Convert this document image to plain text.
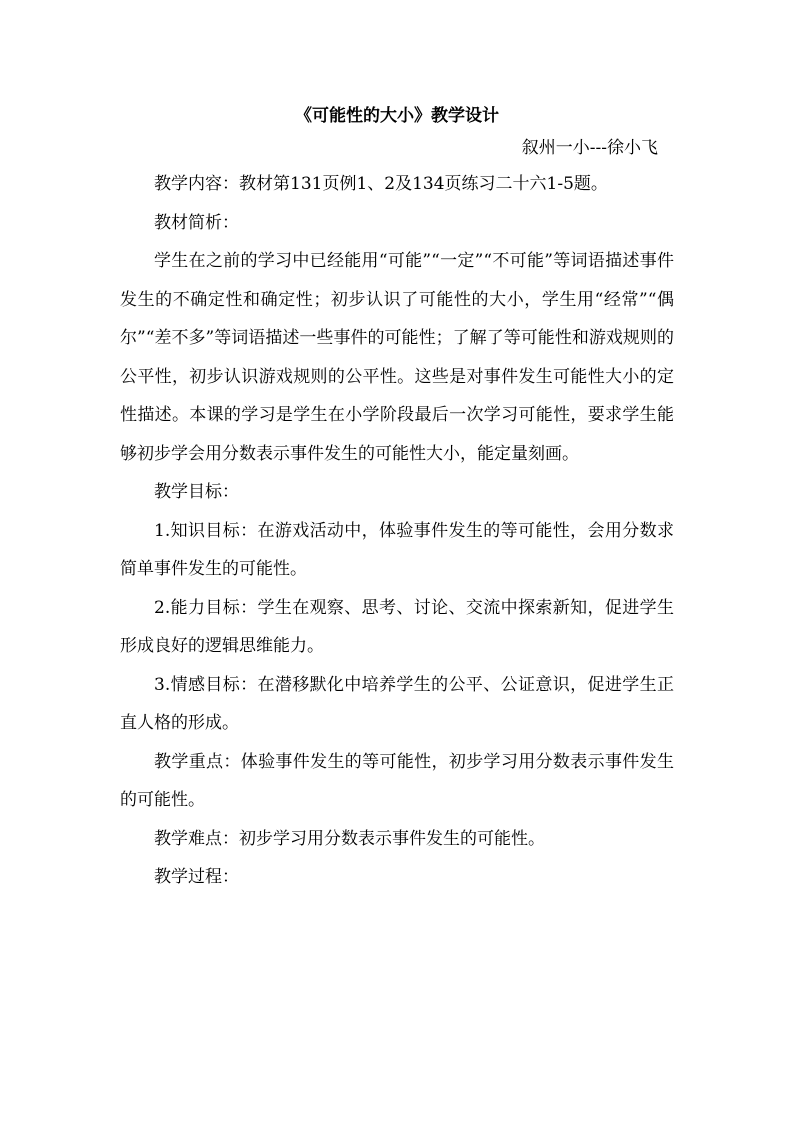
《可能性的大小》教学设计

叙州一小---徐小飞

教学内容：教材第131页例1、2及134页练习二十六1-5题。

教材简析：

学生在之前的学习中已经能用“可能”“一定”“不可能”等词语描述事件发生的不确定性和确定性；初步认识了可能性的大小，学生用“经常”“偶尔”“差不多”等词语描述一些事件的可能性；了解了等可能性和游戏规则的公平性，初步认识游戏规则的公平性。这些是对事件发生可能性大小的定性描述。本课的学习是学生在小学阶段最后一次学习可能性，要求学生能够初步学会用分数表示事件发生的可能性大小，能定量刻画。

教学目标：

1.知识目标：在游戏活动中，体验事件发生的等可能性，会用分数求简单事件发生的可能性。

2.能力目标：学生在观察、思考、讨论、交流中探索新知，促进学生形成良好的逻辑思维能力。

3.情感目标：在潜移默化中培养学生的公平、公证意识，促进学生正直人格的形成。

教学重点：体验事件发生的等可能性，初步学习用分数表示事件发生的可能性。

教学难点：初步学习用分数表示事件发生的可能性。

教学过程：
